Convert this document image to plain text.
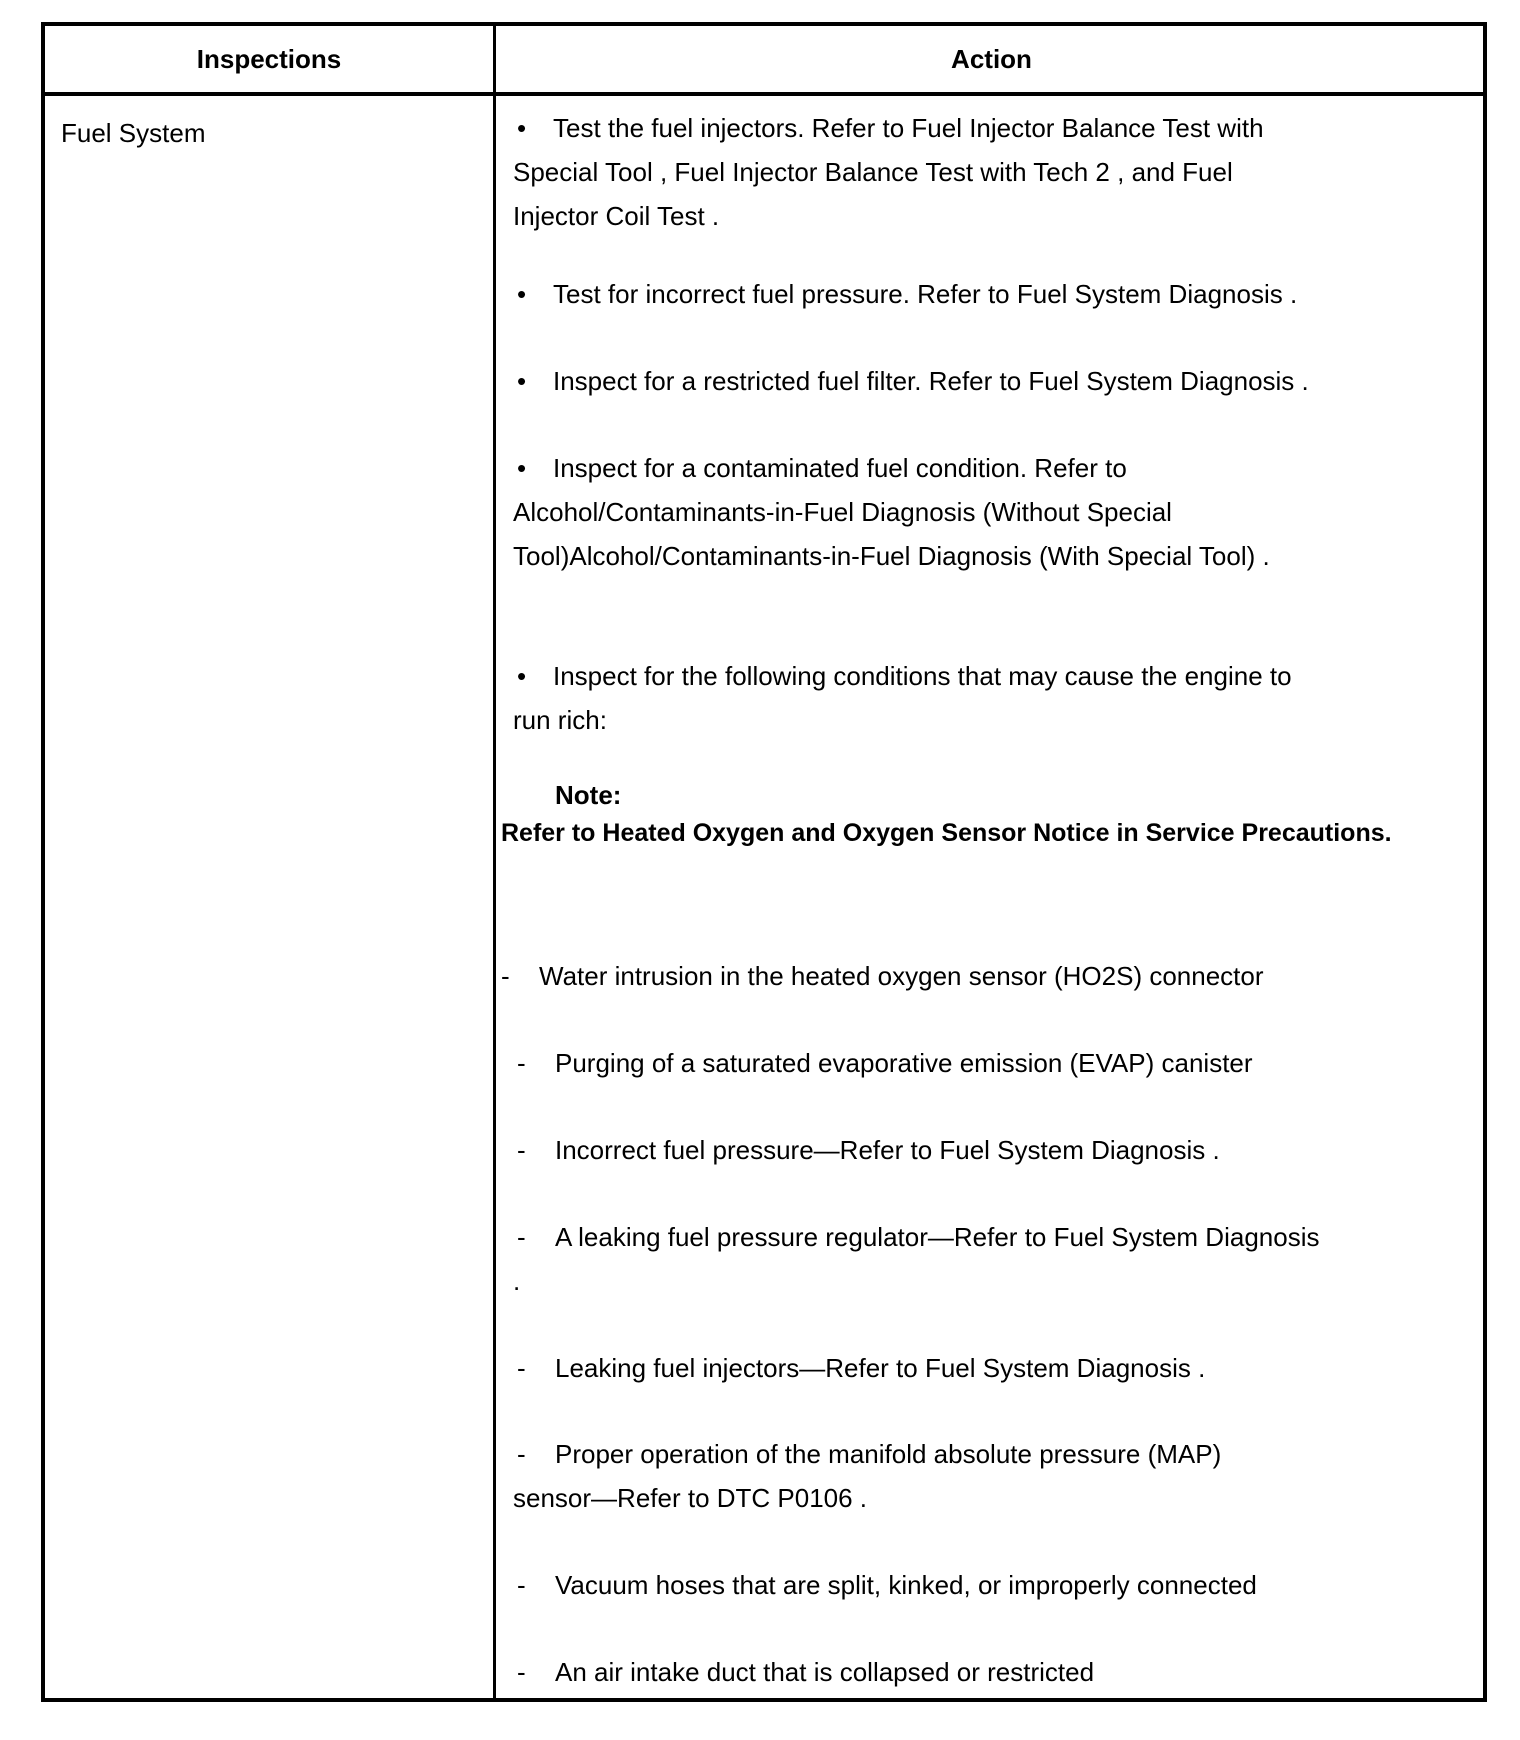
Inspections	Action
Fuel System	• Test the fuel injectors. Refer to Fuel Injector Balance Test with
Special Tool , Fuel Injector Balance Test with Tech 2 , and Fuel
Injector Coil Test .
• Test for incorrect fuel pressure. Refer to Fuel System Diagnosis .
• Inspect for a restricted fuel filter. Refer to Fuel System Diagnosis .
• Inspect for a contaminated fuel condition. Refer to
Alcohol/Contaminants-in-Fuel Diagnosis (Without Special
Tool)Alcohol/Contaminants-in-Fuel Diagnosis (With Special Tool) .
• Inspect for the following conditions that may cause the engine to
run rich:
Note:
Refer to Heated Oxygen and Oxygen Sensor Notice in Service Precautions.
- Water intrusion in the heated oxygen sensor (HO2S) connector
- Purging of a saturated evaporative emission (EVAP) canister
- Incorrect fuel pressure—Refer to Fuel System Diagnosis .
- A leaking fuel pressure regulator—Refer to Fuel System Diagnosis
.
- Leaking fuel injectors—Refer to Fuel System Diagnosis .
- Proper operation of the manifold absolute pressure (MAP)
sensor—Refer to DTC P0106 .
- Vacuum hoses that are split, kinked, or improperly connected
- An air intake duct that is collapsed or restricted
